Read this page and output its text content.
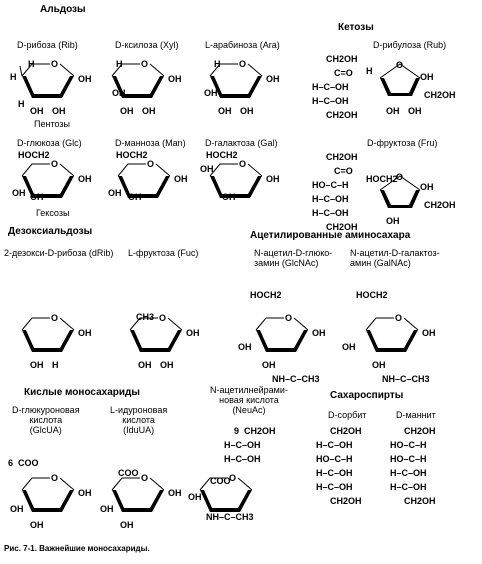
Альдозы
Кетозы
Дезоксиальдозы	Ацетилированные аминосахара
Кислые моносахариды	Сахароспирты
D-рибоза (Rib)	D-ксилоза (Xyl)	L-арабиноза (Ara)	D-рибулоза (Rub)
D-глюкоза (Glc)	D-манноза (Man) D-галактоза (Gal)	D-фруктоза (Fru)
2-дезокси-D-рибоза (dRib) L-фруктоза (Fuc)	N-ацетил-D-глюко-
замин (GlcNAc)
N-ацетил-D-галактоз-
амин (GalNAc)
D-глюкуроновая
кислота
(GlcUA)
L-идуроновая
кислота
(IduUA)
N-ацетилнейрами-
новая кислота
(NeuAc)	D-сорбит	D-маннит
Пентозы
Гексозы
Рис. 7-1. Важнейшие моносахариды.
H
H	OH
H
OH OH
H
OH
OH
OH OH
H
OH
OH
OH OH
CH2OH
C=O
H–C–OH
H–C–OH
CH2OH
O
H
OH
CH2OH
OH OH
HOCH2
OH
OH OH
HOCH2
OH
OH OH
HOCH2
OH
OH
OH
CH2OH
C=O
HO–C–H
H–C–OH
H–C–OH
CH2OH
HOCH2
O
OH
CH2OH
OH
OH
OH H
CH3
OH
OH OH
HOCH2
OH
OH
OH
NH–C–CH3
HOCH2
OH
OH
OH
NH–C–CH3
6 COO
OH
OH
OH
COO
OH
OH
OH
9 CH2OH
H–C–OH
H–C–OH
COO
OH
NH–C–CH3
CH2OH
H–C–OH
HO–C–H
H–C–OH
H–C–OH
CH2OH
CH2OH
HO–C–H
HO–C–H
H–C–OH
H–C–OH
CH2OH
